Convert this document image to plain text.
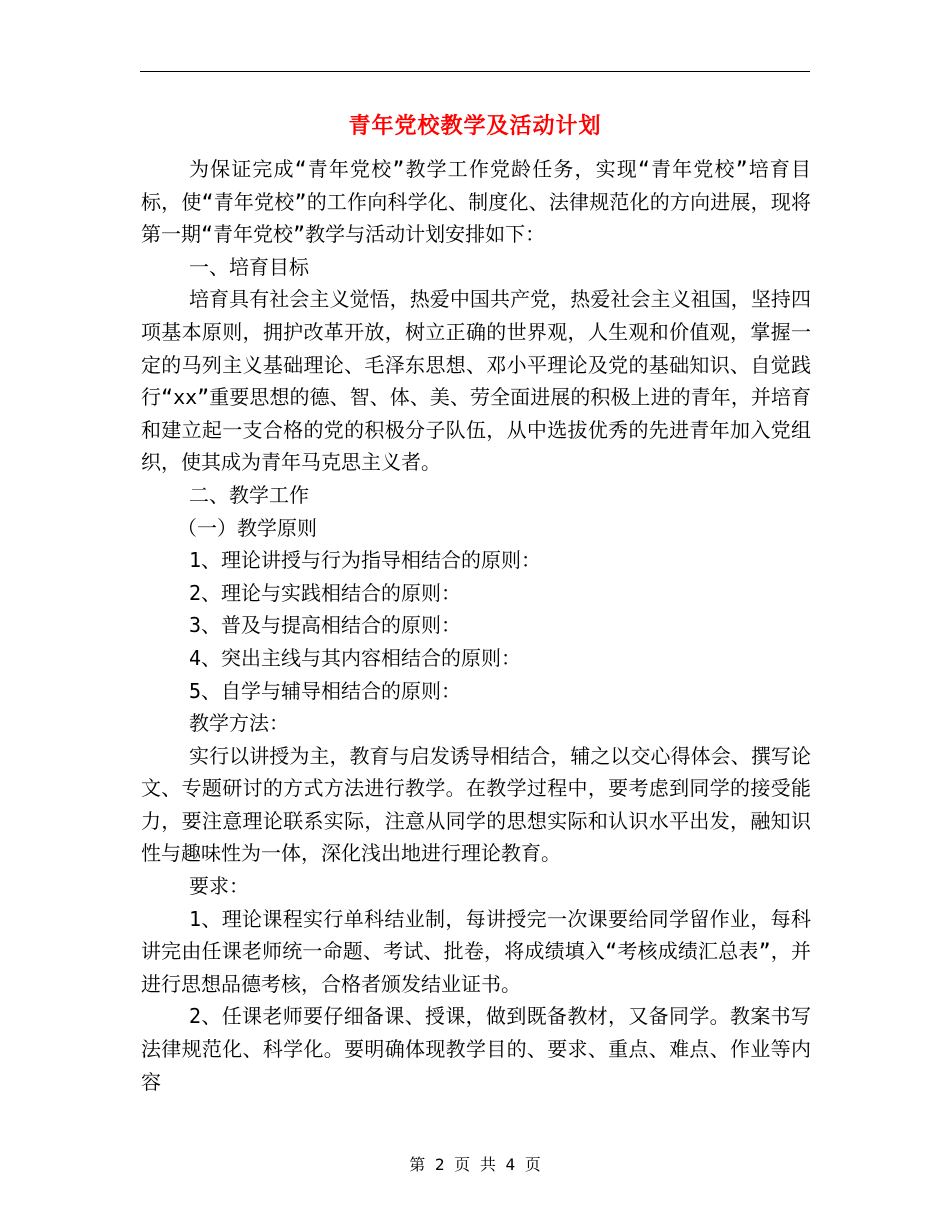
青年党校教学及活动计划

为保证完成“青年党校”教学工作党龄任务，实现“青年党校”培育目标，使“青年党校”的工作向科学化、制度化、法律规范化的方向进展，现将第一期“青年党校”教学与活动计划安排如下：

一、培育目标

培育具有社会主义觉悟，热爱中国共产党，热爱社会主义祖国，坚持四项基本原则，拥护改革开放，树立正确的世界观，人生观和价值观，掌握一定的马列主义基础理论、毛泽东思想、邓小平理论及党的基础知识、自觉践行“xx”重要思想的德、智、体、美、劳全面进展的积极上进的青年，并培育和建立起一支合格的党的积极分子队伍，从中选拔优秀的先进青年加入党组织，使其成为青年马克思主义者。

二、教学工作

（一）教学原则

1、理论讲授与行为指导相结合的原则：

2、理论与实践相结合的原则：

3、普及与提高相结合的原则：

4、突出主线与其内容相结合的原则：

5、自学与辅导相结合的原则：

教学方法：

实行以讲授为主，教育与启发诱导相结合，辅之以交心得体会、撰写论文、专题研讨的方式方法进行教学。在教学过程中，要考虑到同学的接受能力，要注意理论联系实际，注意从同学的思想实际和认识水平出发，融知识性与趣味性为一体，深化浅出地进行理论教育。

要求：

1、理论课程实行单科结业制，每讲授完一次课要给同学留作业，每科讲完由任课老师统一命题、考试、批卷，将成绩填入“考核成绩汇总表”，并进行思想品德考核，合格者颁发结业证书。

2、任课老师要仔细备课、授课，做到既备教材，又备同学。教案书写法律规范化、科学化。要明确体现教学目的、要求、重点、难点、作业等内容

第 2 页 共 4 页
